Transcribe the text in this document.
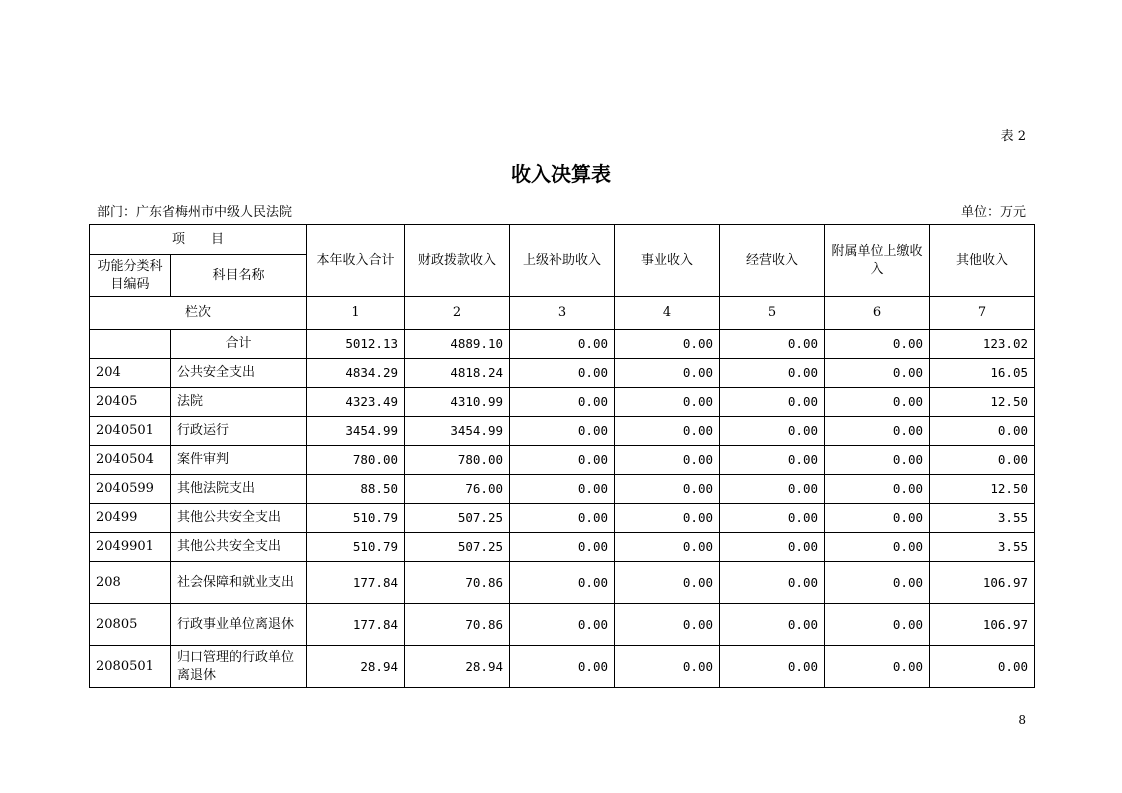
表 2
收入决算表
部门：广东省梅州市中级人民法院	单位：万元
项　　目		本年收入合计	财政拨款收入	上级补助收入	事业收入	经营收入	附属单位上缴收入	其他收入
功能分类科目编码	科目名称							
栏次		1	2	3	4	5	6	7
	合计	5012.13	4889.10	0.00	0.00	0.00	0.00	123.02
204	公共安全支出	4834.29	4818.24	0.00	0.00	0.00	0.00	16.05
20405	法院	4323.49	4310.99	0.00	0.00	0.00	0.00	12.50
2040501	行政运行	3454.99	3454.99	0.00	0.00	0.00	0.00	0.00
2040504	案件审判	780.00	780.00	0.00	0.00	0.00	0.00	0.00
2040599	其他法院支出	88.50	76.00	0.00	0.00	0.00	0.00	12.50
20499	其他公共安全支出	510.79	507.25	0.00	0.00	0.00	0.00	3.55
2049901	其他公共安全支出	510.79	507.25	0.00	0.00	0.00	0.00	3.55
208	社会保障和就业支出	177.84	70.86	0.00	0.00	0.00	0.00	106.97
20805	行政事业单位离退休	177.84	70.86	0.00	0.00	0.00	0.00	106.97
2080501	归口管理的行政单位离退休	28.94	28.94	0.00	0.00	0.00	0.00	0.00
8
